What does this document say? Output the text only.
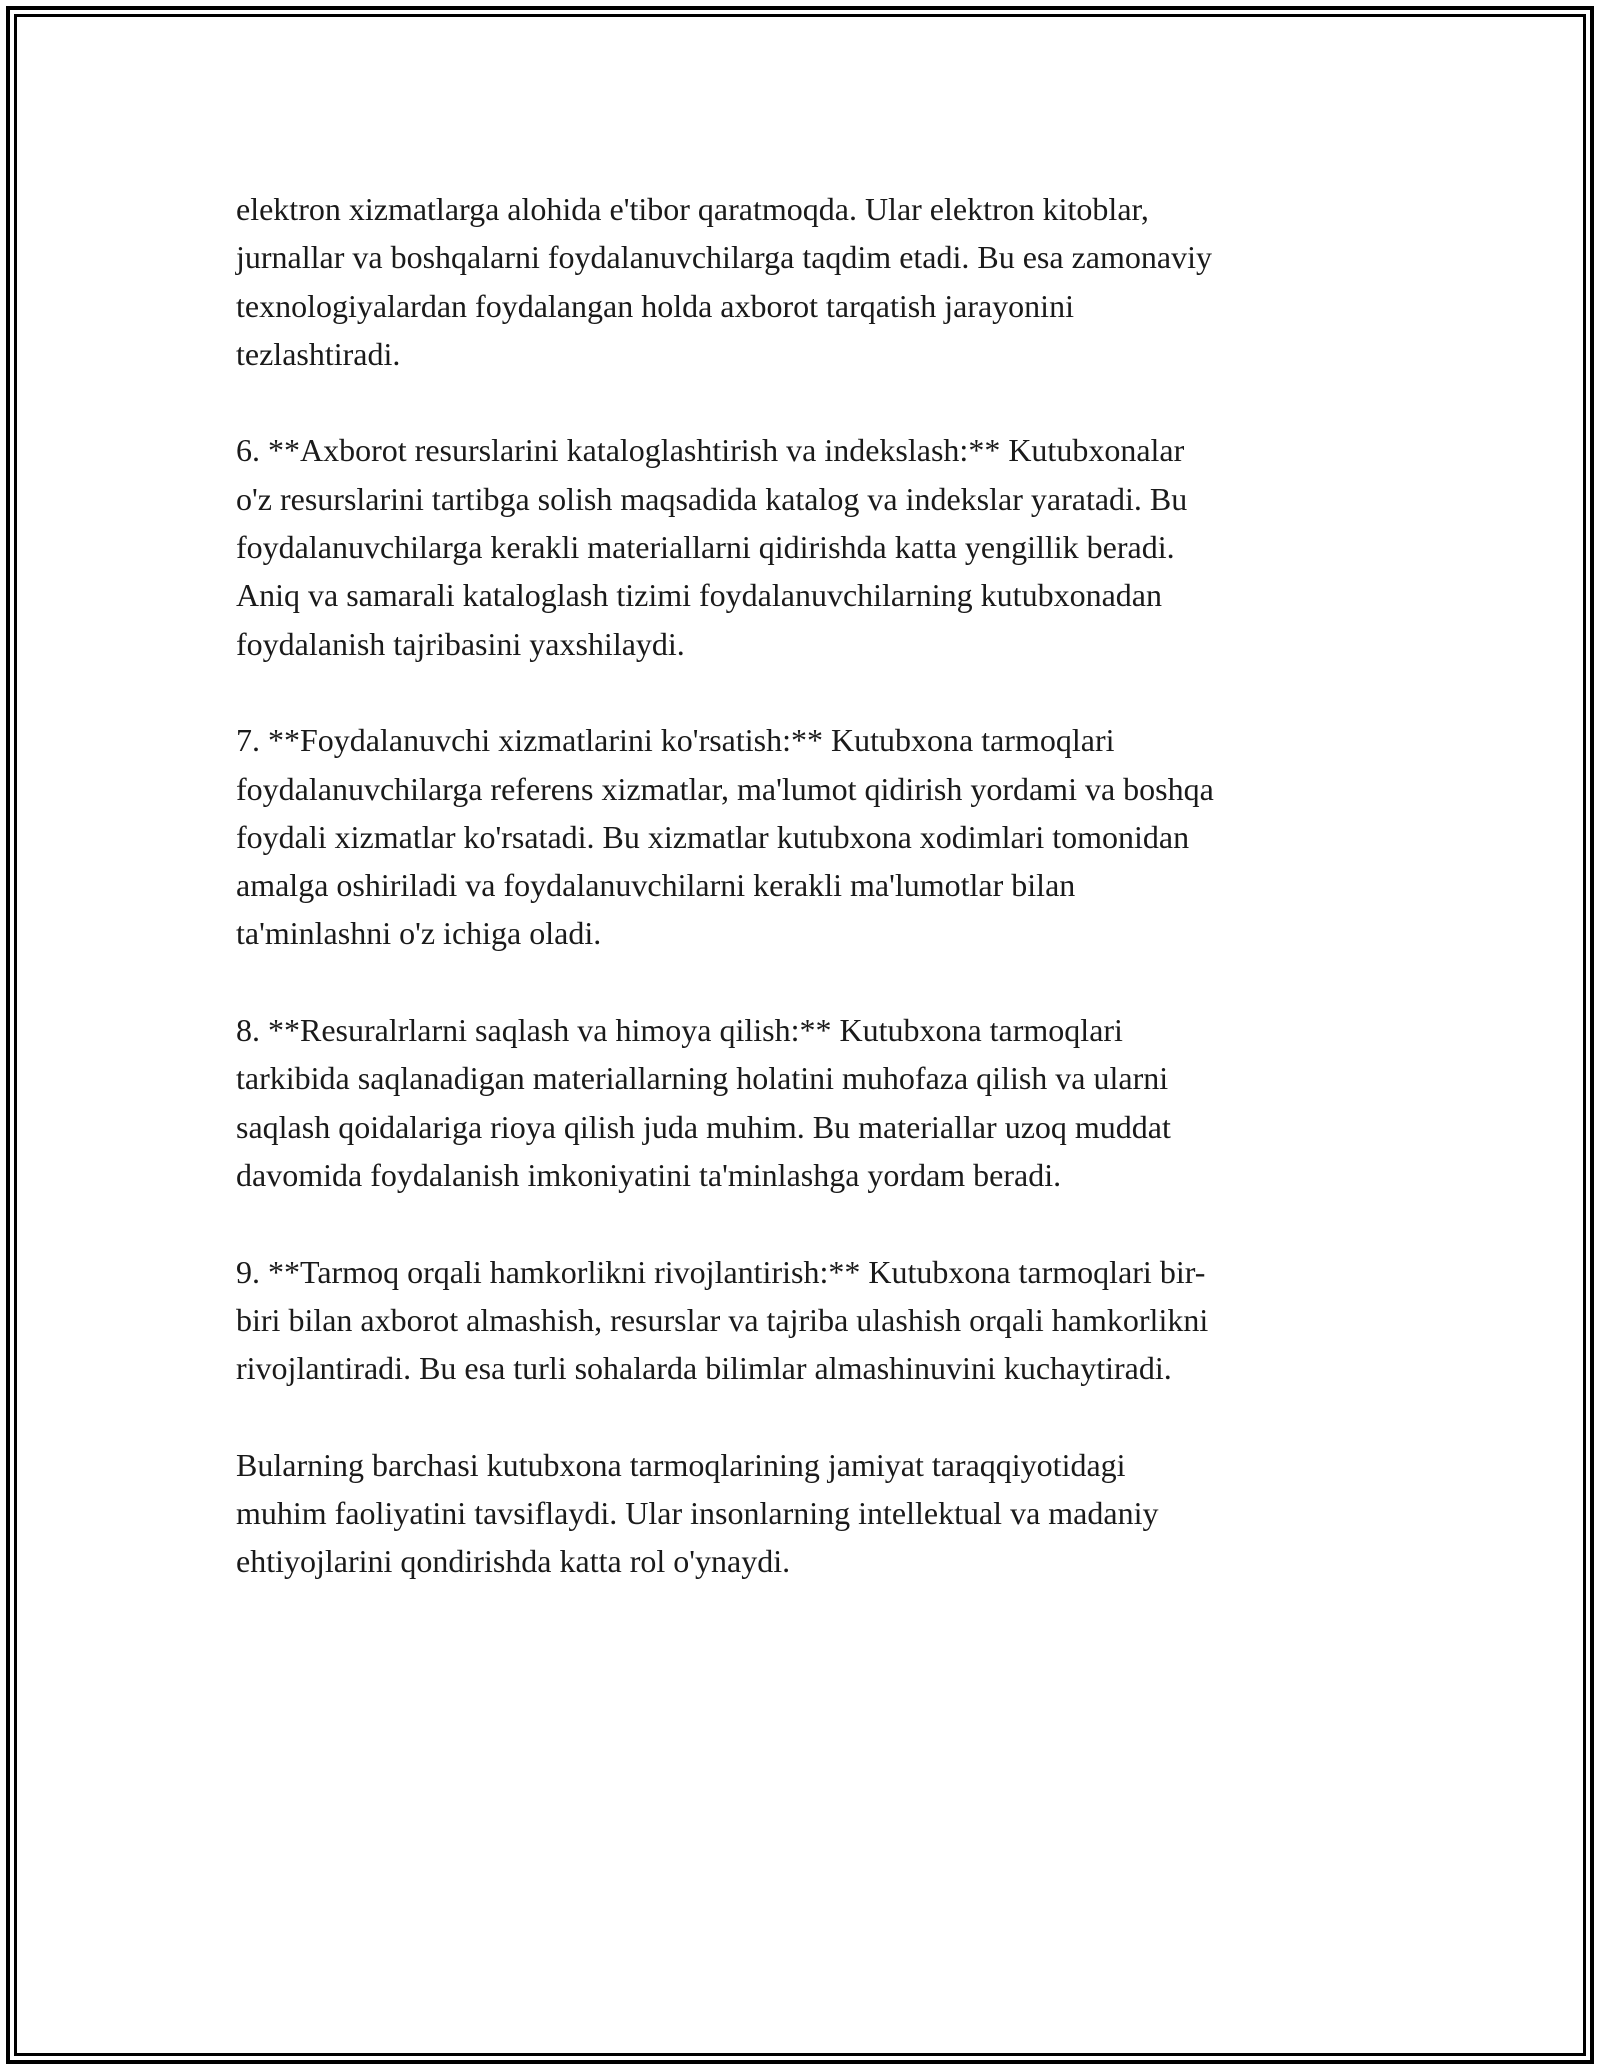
elektron xizmatlarga alohida e'tibor qaratmoqda. Ular elektron kitoblar,
jurnallar va boshqalarni foydalanuvchilarga taqdim etadi. Bu esa zamonaviy
texnologiyalardan foydalangan holda axborot tarqatish jarayonini
tezlashtiradi.

6. **Axborot resurslarini kataloglashtirish va indekslash:** Kutubxonalar
o'z resurslarini tartibga solish maqsadida katalog va indekslar yaratadi. Bu
foydalanuvchilarga kerakli materiallarni qidirishda katta yengillik beradi.
Aniq va samarali kataloglash tizimi foydalanuvchilarning kutubxonadan
foydalanish tajribasini yaxshilaydi.

7. **Foydalanuvchi xizmatlarini ko'rsatish:** Kutubxona tarmoqlari
foydalanuvchilarga referens xizmatlar, ma'lumot qidirish yordami va boshqa
foydali xizmatlar ko'rsatadi. Bu xizmatlar kutubxona xodimlari tomonidan
amalga oshiriladi va foydalanuvchilarni kerakli ma'lumotlar bilan
ta'minlashni o'z ichiga oladi.

8. **Resuralrlarni saqlash va himoya qilish:** Kutubxona tarmoqlari
tarkibida saqlanadigan materiallarning holatini muhofaza qilish va ularni
saqlash qoidalariga rioya qilish juda muhim. Bu materiallar uzoq muddat
davomida foydalanish imkoniyatini ta'minlashga yordam beradi.

9. **Tarmoq orqali hamkorlikni rivojlantirish:** Kutubxona tarmoqlari bir-
biri bilan axborot almashish, resurslar va tajriba ulashish orqali hamkorlikni
rivojlantiradi. Bu esa turli sohalarda bilimlar almashinuvini kuchaytiradi.

Bularning barchasi kutubxona tarmoqlarining jamiyat taraqqiyotidagi
muhim faoliyatini tavsiflaydi. Ular insonlarning intellektual va madaniy
ehtiyojlarini qondirishda katta rol o'ynaydi.
